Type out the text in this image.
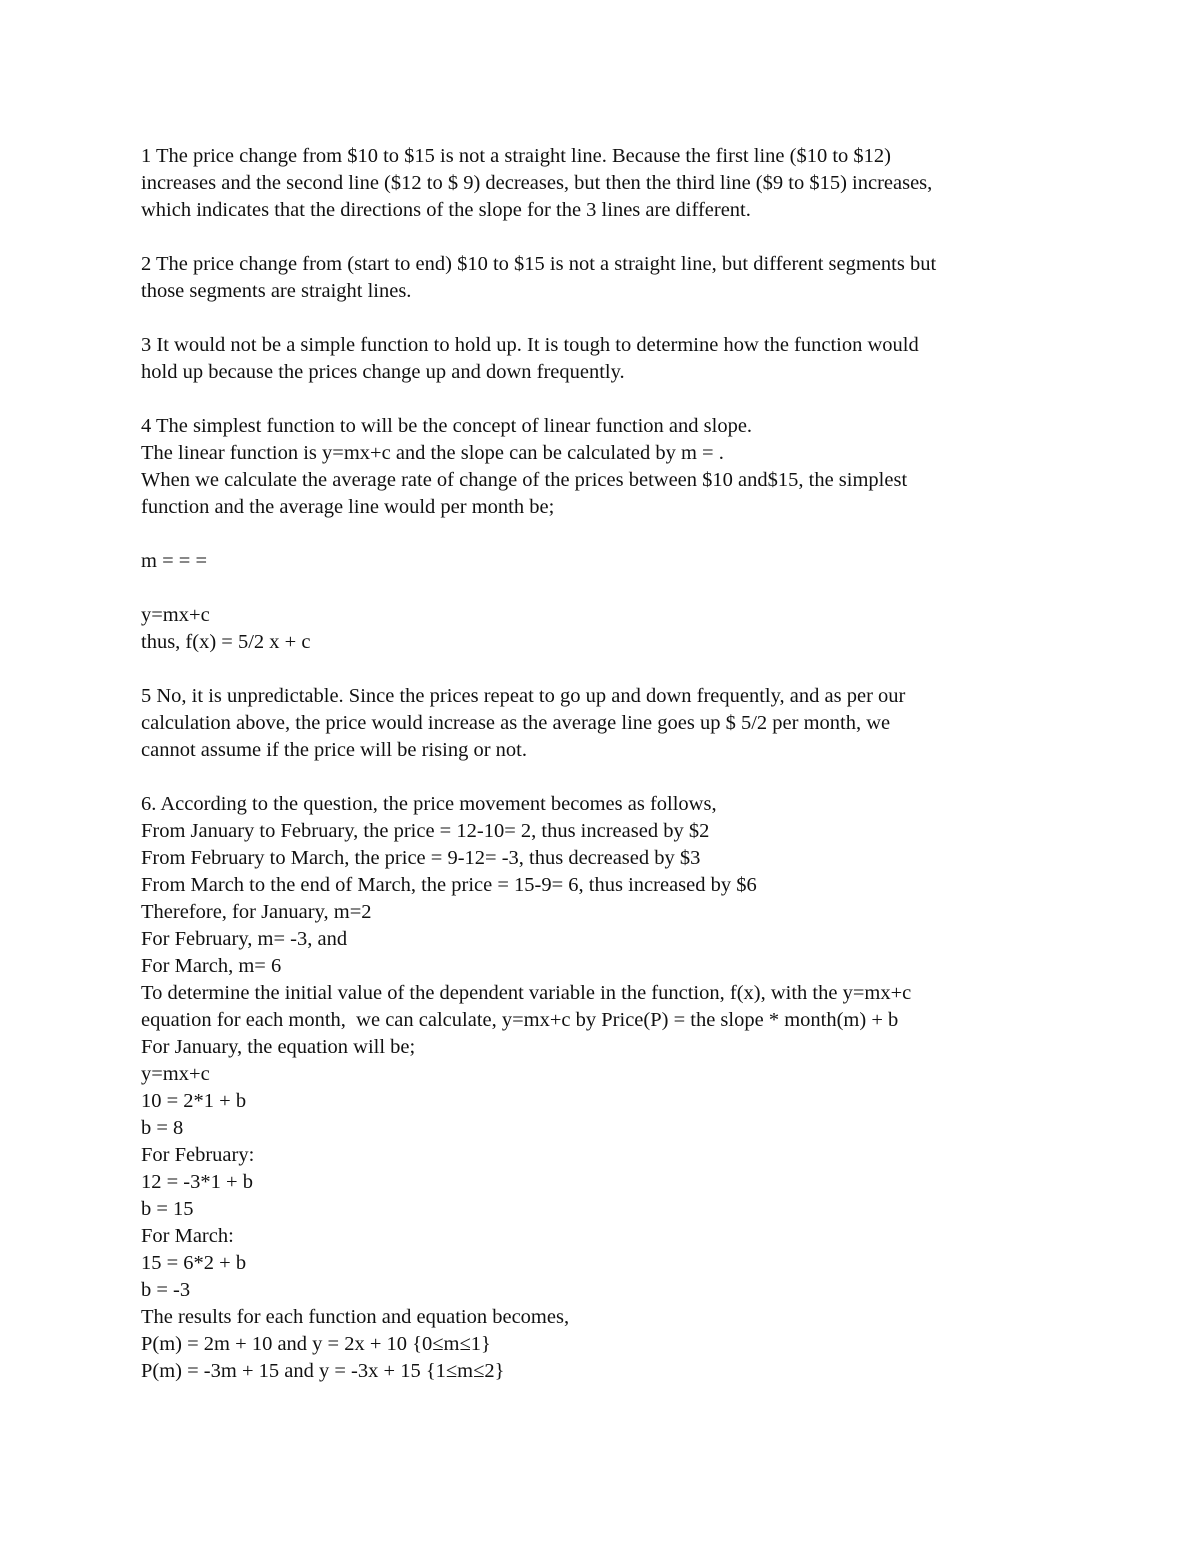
1 The price change from $10 to $15 is not a straight line. Because the first line ($10 to $12)
increases and the second line ($12 to $ 9) decreases, but then the third line ($9 to $15) increases,
which indicates that the directions of the slope for the 3 lines are different.
2 The price change from (start to end) $10 to $15 is not a straight line, but different segments but
those segments are straight lines.
3 It would not be a simple function to hold up. It is tough to determine how the function would
hold up because the prices change up and down frequently.
4 The simplest function to will be the concept of linear function and slope.
The linear function is y=mx+c and the slope can be calculated by m = .
When we calculate the average rate of change of the prices between $10 and$15, the simplest
function and the average line would per month be;
m = = =
y=mx+c
thus, f(x) = 5/2 x + c
5 No, it is unpredictable. Since the prices repeat to go up and down frequently, and as per our
calculation above, the price would increase as the average line goes up $ 5/2 per month, we
cannot assume if the price will be rising or not.
6. According to the question, the price movement becomes as follows,
From January to February, the price = 12-10= 2, thus increased by $2
From February to March, the price = 9-12= -3, thus decreased by $3
From March to the end of March, the price = 15-9= 6, thus increased by $6
Therefore, for January, m=2
For February, m= -3, and
For March, m= 6
To determine the initial value of the dependent variable in the function, f(x), with the y=mx+c
equation for each month,  we can calculate, y=mx+c by Price(P) = the slope * month(m) + b
For January, the equation will be;
y=mx+c
10 = 2*1 + b
b = 8
For February:
12 = -3*1 + b
b = 15
For March:
15 = 6*2 + b
b = -3
The results for each function and equation becomes,
P(m) = 2m + 10 and y = 2x + 10 {0≤m≤1}
P(m) = -3m + 15 and y = -3x + 15 {1≤m≤2}
